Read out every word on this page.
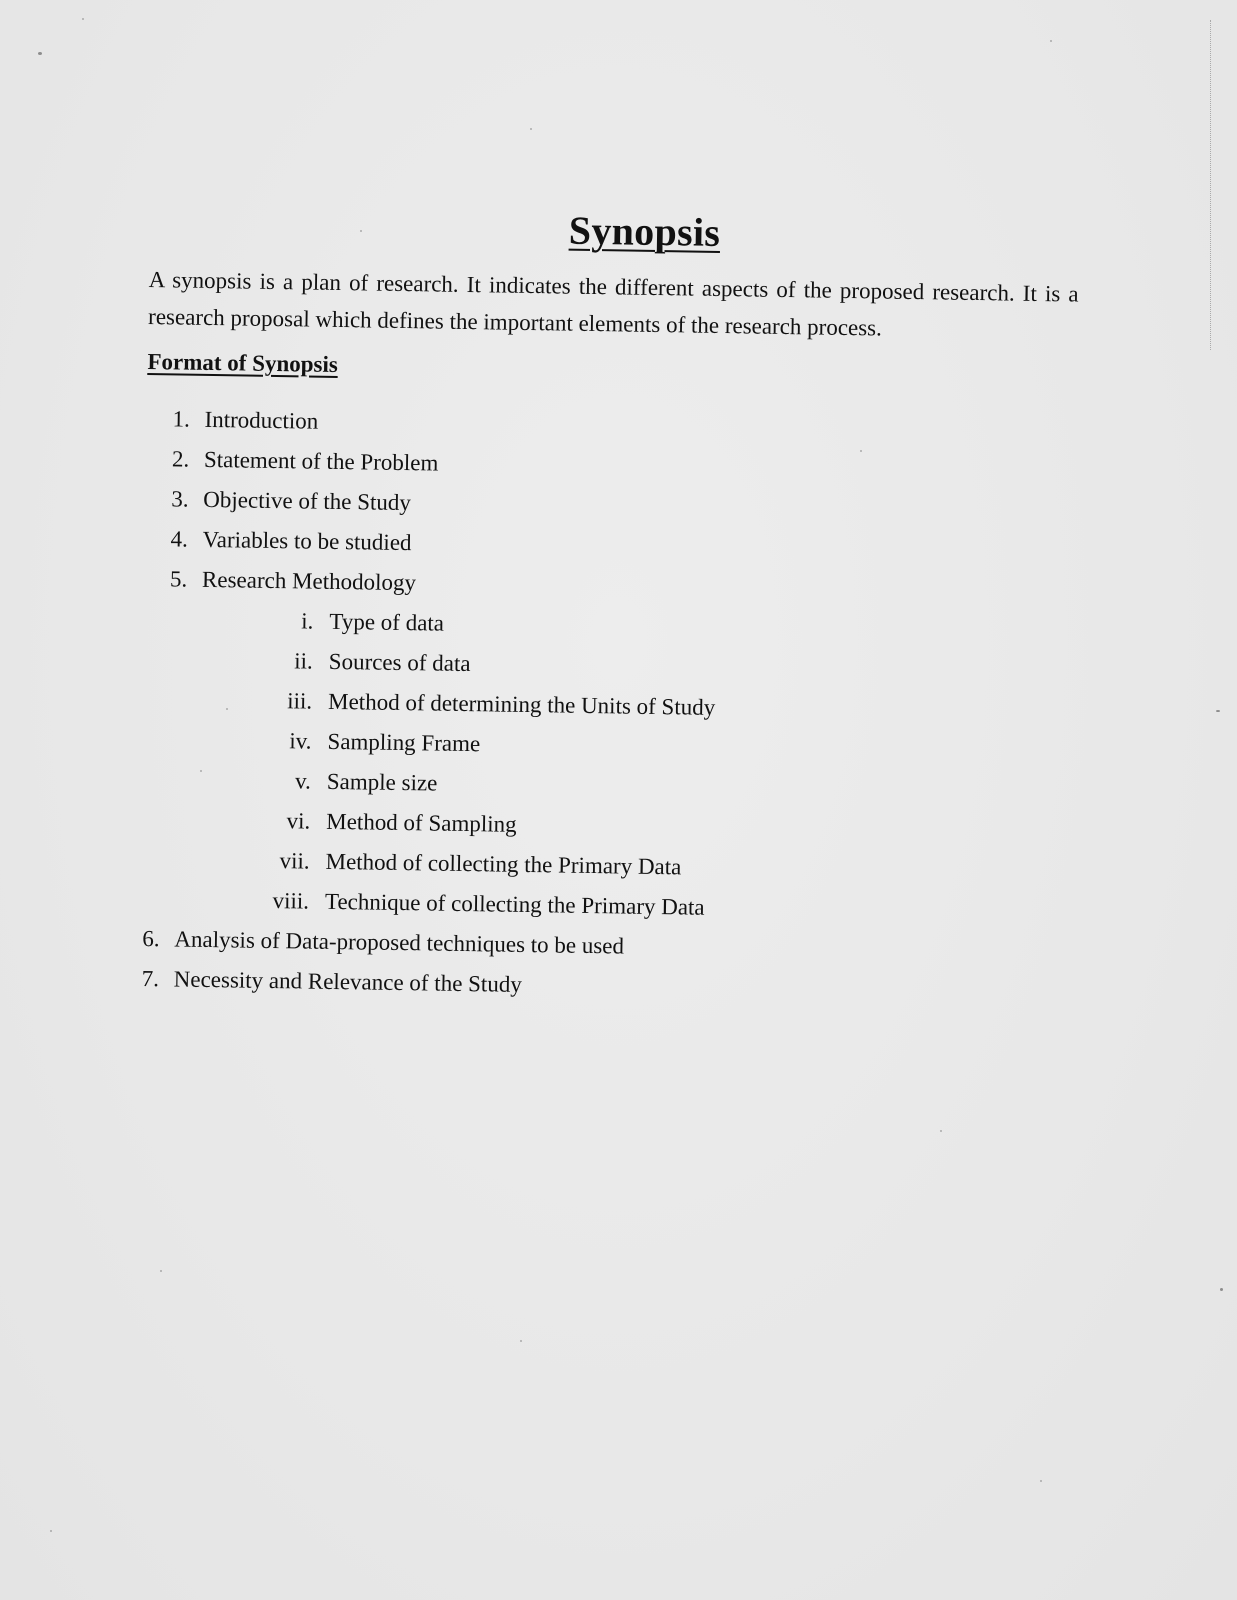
Synopsis

A synopsis is a plan of research. It indicates the different aspects of the proposed research. It is a research proposal which defines the important elements of the research process.

Format of Synopsis
1. Introduction
2. Statement of the Problem
3. Objective of the Study
4. Variables to be studied
5. Research Methodology
i. Type of data
ii. Sources of data
iii. Method of determining the Units of Study
iv. Sampling Frame
v. Sample size
vi. Method of Sampling
vii. Method of collecting the Primary Data
viii. Technique of collecting the Primary Data
6. Analysis of Data-proposed techniques to be used
7. Necessity and Relevance of the Study
